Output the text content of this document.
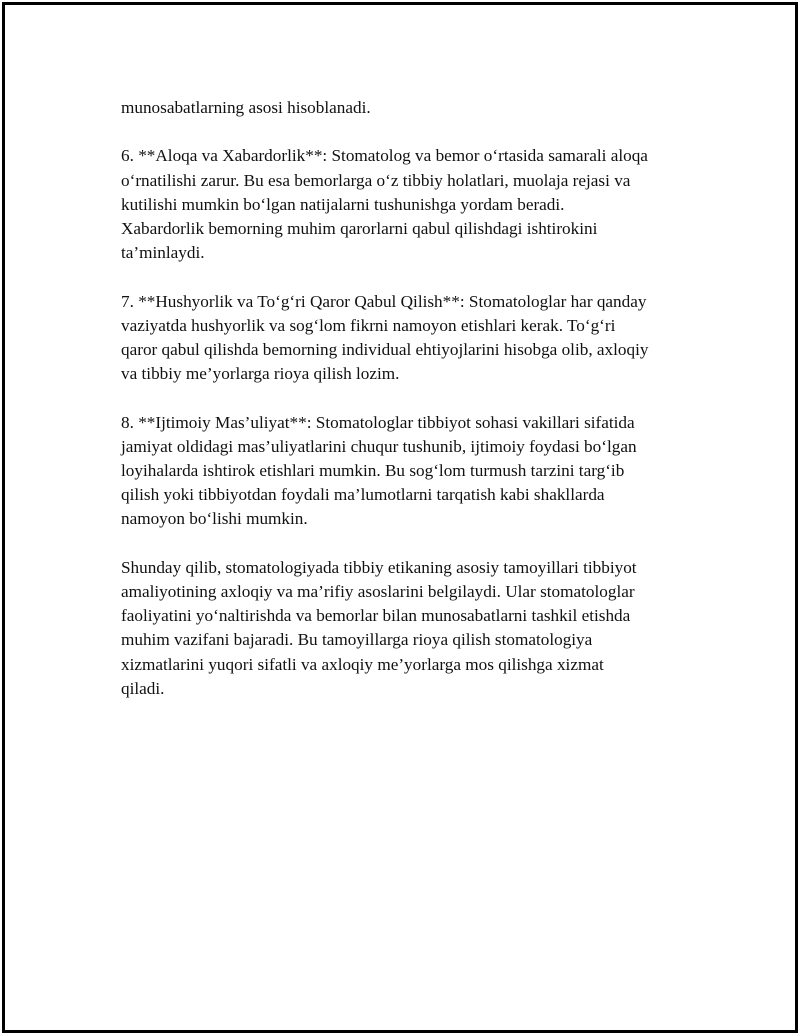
munosabatlarning asosi hisoblanadi.

6. **Aloqa va Xabardorlik**: Stomatolog va bemor o‘rtasida samarali aloqa
o‘rnatilishi zarur. Bu esa bemorlarga o‘z tibbiy holatlari, muolaja rejasi va
kutilishi mumkin bo‘lgan natijalarni tushunishga yordam beradi.
Xabardorlik bemorning muhim qarorlarni qabul qilishdagi ishtirokini
ta’minlaydi.

7. **Hushyorlik va To‘g‘ri Qaror Qabul Qilish**: Stomatologlar har qanday
vaziyatda hushyorlik va sog‘lom fikrni namoyon etishlari kerak. To‘g‘ri
qaror qabul qilishda bemorning individual ehtiyojlarini hisobga olib, axloqiy
va tibbiy me’yorlarga rioya qilish lozim.

8. **Ijtimoiy Mas’uliyat**: Stomatologlar tibbiyot sohasi vakillari sifatida
jamiyat oldidagi mas’uliyatlarini chuqur tushunib, ijtimoiy foydasi bo‘lgan
loyihalarda ishtirok etishlari mumkin. Bu sog‘lom turmush tarzini targ‘ib
qilish yoki tibbiyotdan foydali ma’lumotlarni tarqatish kabi shakllarda
namoyon bo‘lishi mumkin.

Shunday qilib, stomatologiyada tibbiy etikaning asosiy tamoyillari tibbiyot
amaliyotining axloqiy va ma’rifiy asoslarini belgilaydi. Ular stomatologlar
faoliyatini yo‘naltirishda va bemorlar bilan munosabatlarni tashkil etishda
muhim vazifani bajaradi. Bu tamoyillarga rioya qilish stomatologiya
xizmatlarini yuqori sifatli va axloqiy me’yorlarga mos qilishga xizmat
qiladi.
